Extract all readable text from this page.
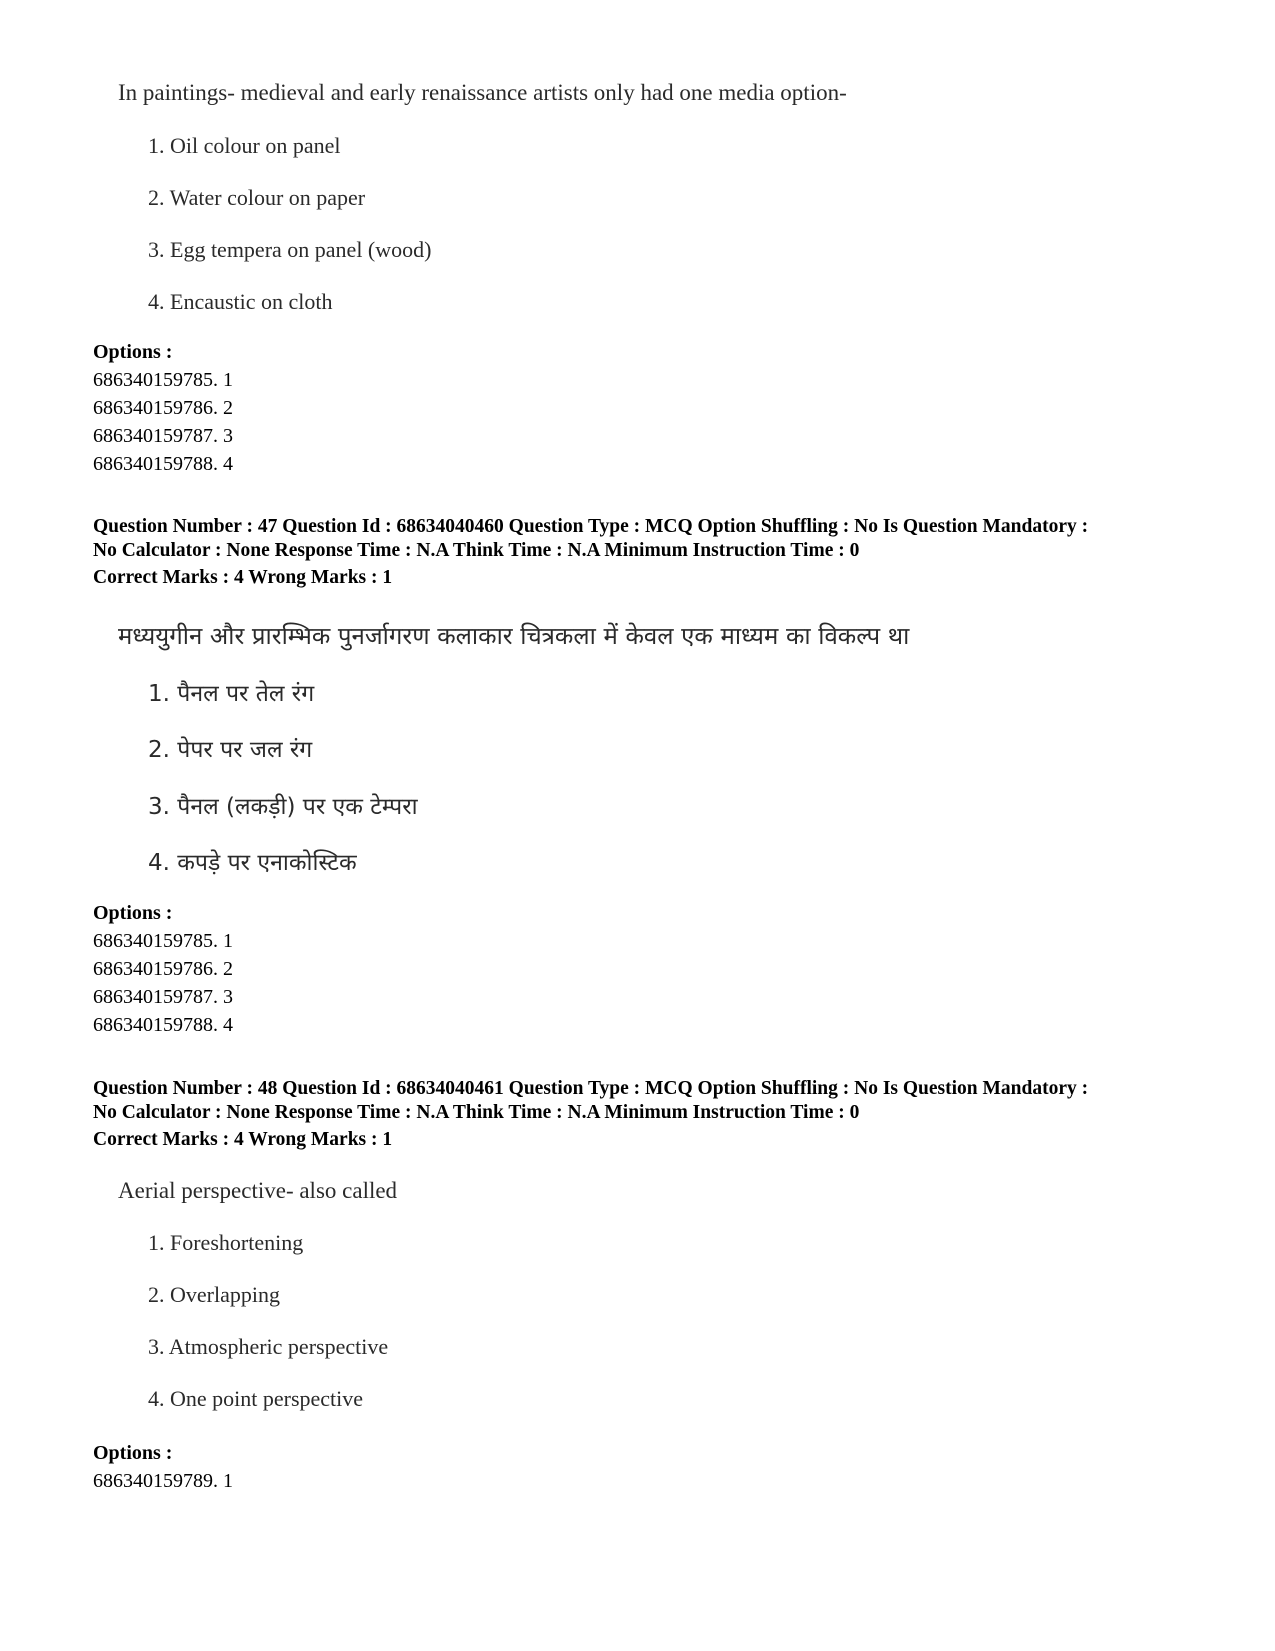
In paintings- medieval and early renaissance artists only had one media option-
1. Oil colour on panel
2. Water colour on paper
3. Egg tempera on panel (wood)
4. Encaustic on cloth
Options :
686340159785. 1
686340159786. 2
686340159787. 3
686340159788. 4
Question Number : 47 Question Id : 68634040460 Question Type : MCQ Option Shuffling : No Is Question Mandatory :
No Calculator : None Response Time : N.A Think Time : N.A Minimum Instruction Time : 0
Correct Marks : 4 Wrong Marks : 1
मध्ययुगीन और प्रारम्भिक पुनर्जागरण कलाकार चित्रकला में केवल एक माध्यम का विकल्प था
1. पैनल पर तेल रंग
2. पेपर पर जल रंग
3. पैनल (लकड़ी) पर एक टेम्परा
4. कपड़े पर एनाकोस्टिक
Options :
686340159785. 1
686340159786. 2
686340159787. 3
686340159788. 4
Question Number : 48 Question Id : 68634040461 Question Type : MCQ Option Shuffling : No Is Question Mandatory :
No Calculator : None Response Time : N.A Think Time : N.A Minimum Instruction Time : 0
Correct Marks : 4 Wrong Marks : 1
Aerial perspective- also called
1. Foreshortening
2. Overlapping
3. Atmospheric perspective
4. One point perspective
Options :
686340159789. 1
